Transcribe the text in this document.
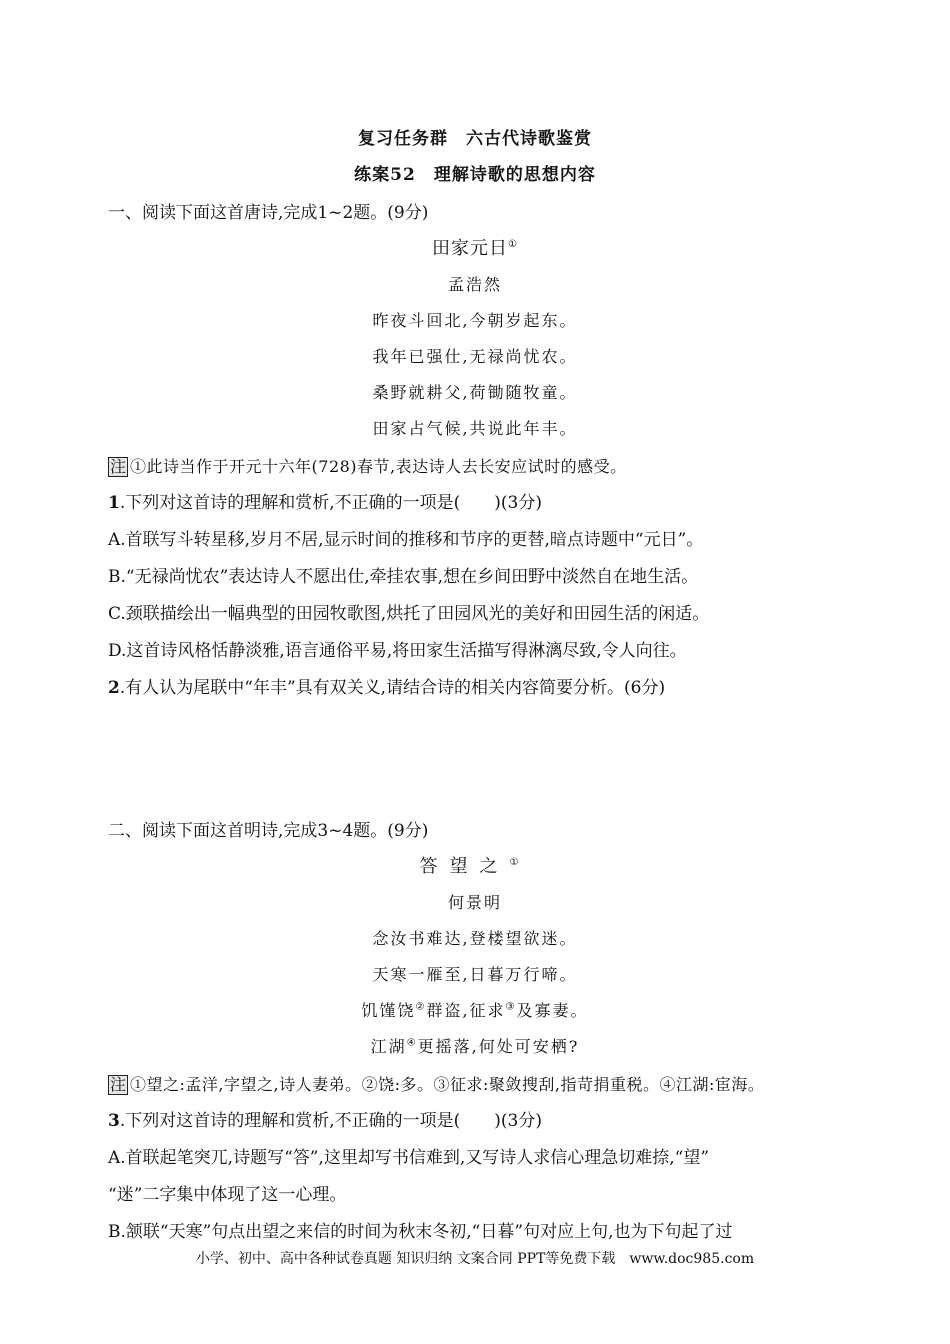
复习任务群　六古代诗歌鉴赏
练案52　理解诗歌的思想内容
一、阅读下面这首唐诗,完成1~2题。(9分)
田家元日①
孟浩然
昨夜斗回北,今朝岁起东。
我年已强仕,无禄尚忧农。
桑野就耕父,荷锄随牧童。
田家占气候,共说此年丰。
注 ①此诗当作于开元十六年(728)春节,表达诗人去长安应试时的感受。
1.下列对这首诗的理解和赏析,不正确的一项是(　　)(3分)
A.首联写斗转星移,岁月不居,显示时间的推移和节序的更替,暗点诗题中“元日”。
B.“无禄尚忧农”表达诗人不愿出仕,牵挂农事,想在乡间田野中淡然自在地生活。
C.颈联描绘出一幅典型的田园牧歌图,烘托了田园风光的美好和田园生活的闲适。
D.这首诗风格恬静淡雅,语言通俗平易,将田家生活描写得淋漓尽致,令人向往。
2.有人认为尾联中“年丰”具有双关义,请结合诗的相关内容简要分析。(6分)
二、阅读下面这首明诗,完成3~4题。(9分)
答望之①
何景明
念汝书难达,登楼望欲迷。
天寒一雁至,日暮万行啼。
饥馑饶②群盗,征求③及寡妻。
江湖④更摇落,何处可安栖?
注 ①望之:孟洋,字望之,诗人妻弟。②饶:多。③征求:聚敛搜刮,指苛捐重税。④江湖:宦海。
3.下列对这首诗的理解和赏析,不正确的一项是(　　)(3分)
A.首联起笔突兀,诗题写“答”,这里却写书信难到,又写诗人求信心理急切难捺,“望”
“迷”二字集中体现了这一心理。
B.颔联“天寒”句点出望之来信的时间为秋末冬初,“日暮”句对应上句,也为下句起了过
小学、初中、高中各种试卷真题 知识归纳 文案合同 PPT等免费下载 www.doc985.com
